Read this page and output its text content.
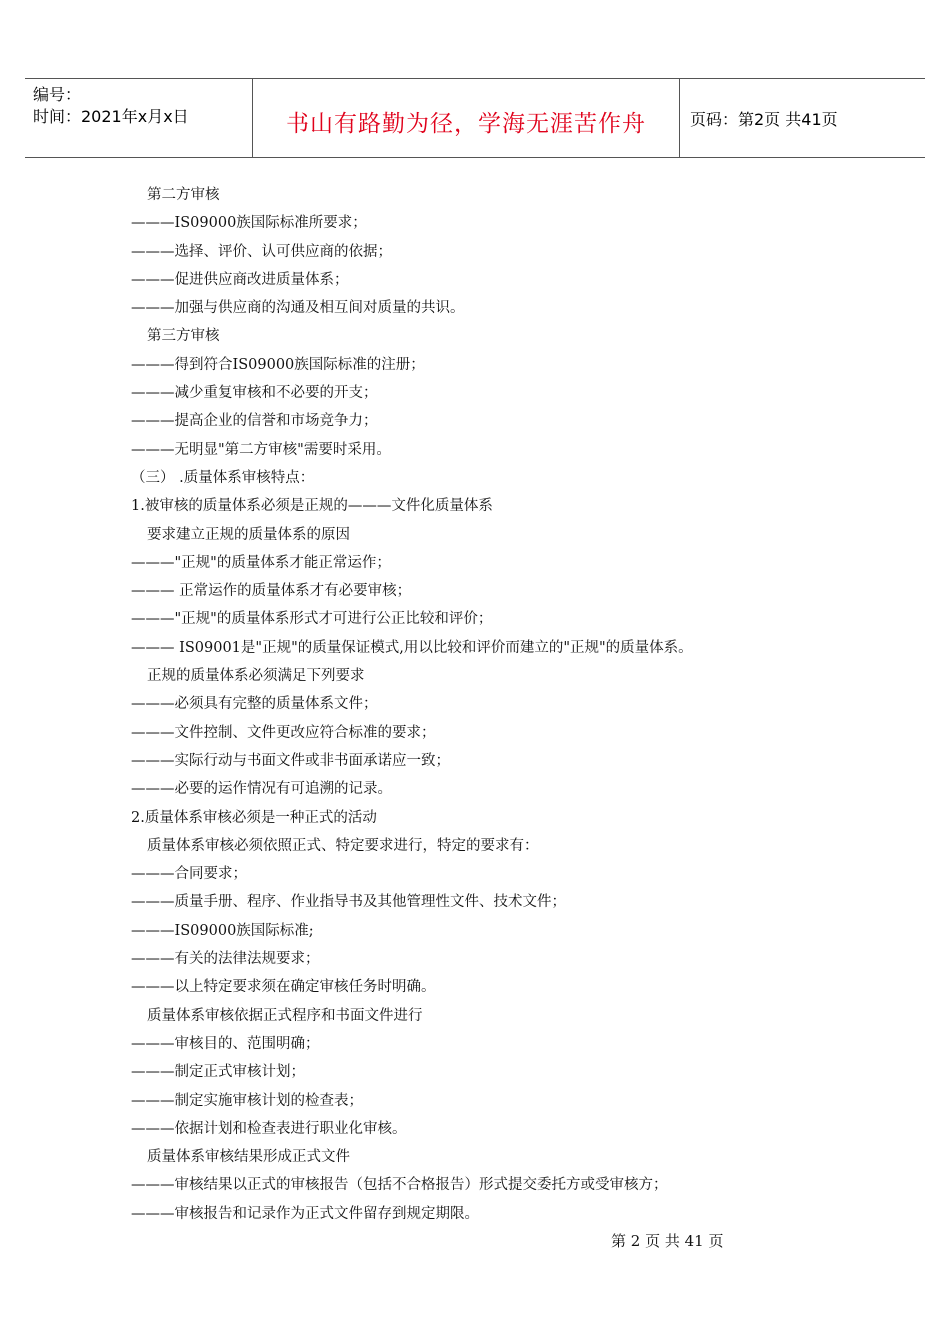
编号：
时间：2021年x月x日	书山有路勤为径，学海无涯苦作舟	页码：第2页 共41页
第二方审核
———IS09000族国际标准所要求；
———选择、评价、认可供应商的依据；
———促进供应商改进质量体系；
———加强与供应商的沟通及相互间对质量的共识。
第三方审核
———得到符合IS09000族国际标准的注册；
———减少重复审核和不必要的开支；
———提高企业的信誉和市场竞争力；
———无明显"第二方审核"需要时采用。
（三） .质量体系审核特点：
1.被审核的质量体系必须是正规的———文件化质量体系
要求建立正规的质量体系的原因
———"正规"的质量体系才能正常运作；
——— 正常运作的质量体系才有必要审核；
———"正规"的质量体系形式才可进行公正比较和评价；
——— IS09001是"正规"的质量保证模式,用以比较和评价而建立的"正规"的质量体系。
正规的质量体系必须满足下列要求
———必须具有完整的质量体系文件；
———文件控制、文件更改应符合标准的要求；
———实际行动与书面文件或非书面承诺应一致；
———必要的运作情况有可追溯的记录。
2.质量体系审核必须是一种正式的活动
质量体系审核必须依照正式、特定要求进行，特定的要求有：
———合同要求；
———质量手册、程序、作业指导书及其他管理性文件、技术文件；
———IS09000族国际标准;
———有关的法律法规要求；
———以上特定要求须在确定审核任务时明确。
质量体系审核依据正式程序和书面文件进行
———审核目的、范围明确；
———制定正式审核计划；
———制定实施审核计划的检查表；
———依据计划和检查表进行职业化审核。
质量体系审核结果形成正式文件
———审核结果以正式的审核报告（包括不合格报告）形式提交委托方或受审核方；
———审核报告和记录作为正式文件留存到规定期限。
第 2 页 共 41 页
